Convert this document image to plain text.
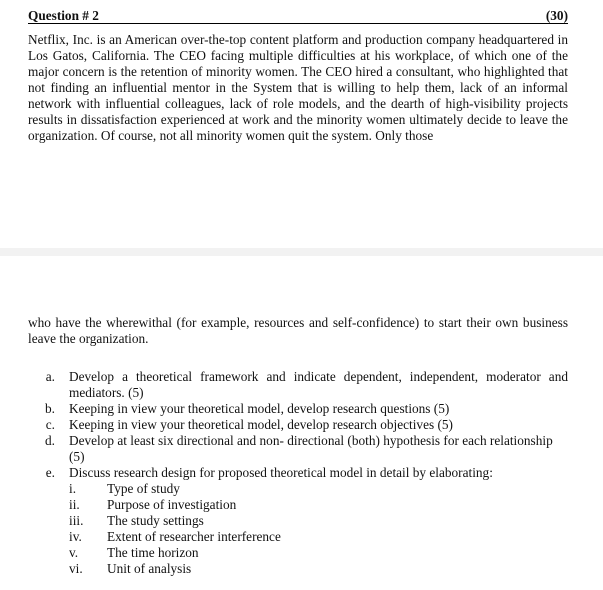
Question # 2	(30)
Netflix, Inc. is an American over-the-top content platform and production company headquartered in Los Gatos, California. The CEO facing multiple difficulties at his workplace, of which one of the major concern is the retention of minority women. The CEO hired a consultant, who highlighted that not finding an influential mentor in the System that is willing to help them, lack of an informal network with influential colleagues, lack of role models, and the dearth of high-visibility projects results in dissatisfaction experienced at work and the minority women ultimately decide to leave the organization. Of course, not all minority women quit the system. Only those
who have the wherewithal (for example, resources and self-confidence) to start their own business leave the organization.
a.	Develop a theoretical framework and indicate dependent, independent, moderator and mediators. (5)
b.	Keeping in view your theoretical model, develop research questions (5)
c.	Keeping in view your theoretical model, develop research objectives (5)
d.	Develop at least six directional and non- directional (both) hypothesis for each relationship (5)
e.	Discuss research design for proposed theoretical model in detail by elaborating:
i.	Type of study
ii.	Purpose of investigation
iii.	The study settings
iv.	Extent of researcher interference
v.	The time horizon
vi.	Unit of analysis
